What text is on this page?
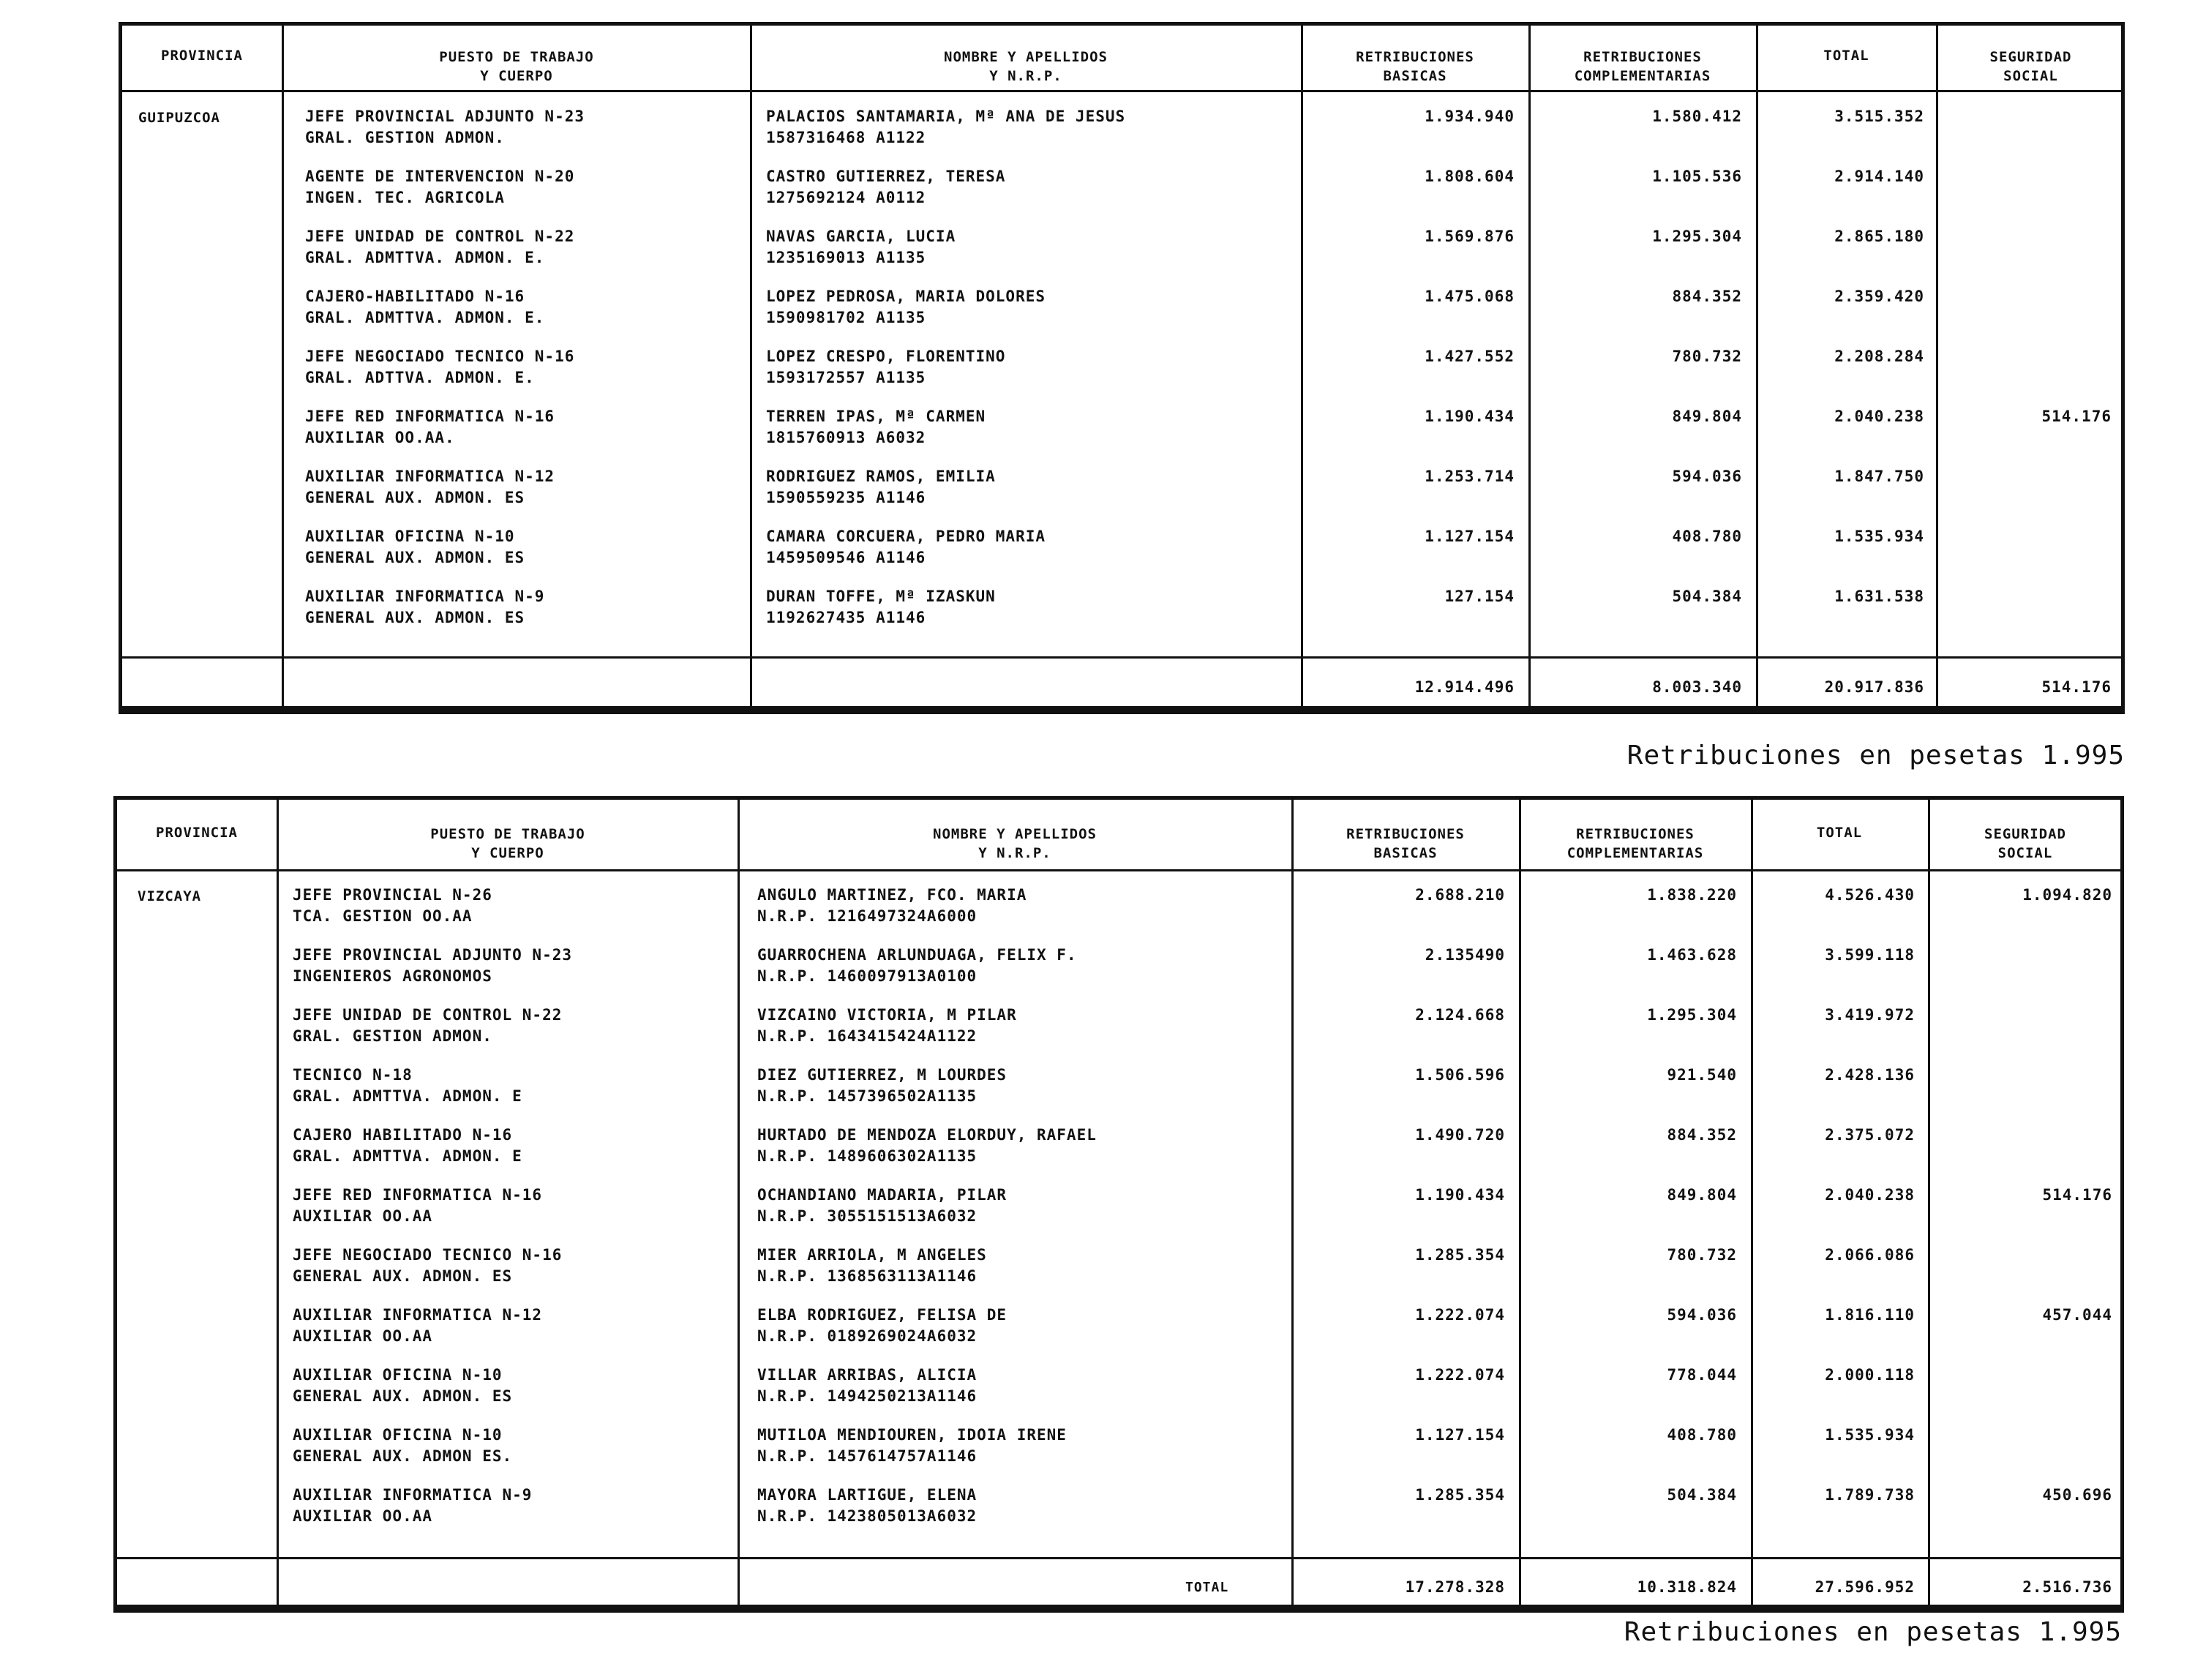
PROVINCIA	PUESTO DE TRABAJO
Y CUERPO
NOMBRE Y APELLIDOS
Y N.R.P.
RETRIBUCIONES
BASICAS
RETRIBUCIONES
COMPLEMENTARIAS
TOTAL	SEGURIDAD
SOCIAL
GUIPUZCOA	JEFE PROVINCIAL ADJUNTO N-23
GRAL. GESTION ADMON.
PALACIOS SANTAMARIA, Mª ANA DE JESUS
1587316468 A1122
1.934.940	1.580.412	3.515.352
AGENTE DE INTERVENCION N-20
INGEN. TEC. AGRICOLA
CASTRO GUTIERREZ, TERESA
1275692124 A0112
1.808.604	1.105.536	2.914.140
JEFE UNIDAD DE CONTROL N-22
GRAL. ADMTTVA. ADMON. E.
NAVAS GARCIA, LUCIA
1235169013 A1135
1.569.876	1.295.304	2.865.180
CAJERO-HABILITADO N-16
GRAL. ADMTTVA. ADMON. E.
LOPEZ PEDROSA, MARIA DOLORES
1590981702 A1135
1.475.068	884.352	2.359.420
JEFE NEGOCIADO TECNICO N-16
GRAL. ADTTVA. ADMON. E.
LOPEZ CRESPO, FLORENTINO
1593172557 A1135
1.427.552	780.732	2.208.284
JEFE RED INFORMATICA N-16
AUXILIAR OO.AA.
TERREN IPAS, Mª CARMEN
1815760913 A6032
1.190.434	849.804	2.040.238	514.176
AUXILIAR INFORMATICA N-12
GENERAL AUX. ADMON. ES
RODRIGUEZ RAMOS, EMILIA
1590559235 A1146
1.253.714	594.036	1.847.750
AUXILIAR OFICINA N-10
GENERAL AUX. ADMON. ES
CAMARA CORCUERA, PEDRO MARIA
1459509546 A1146
1.127.154	408.780	1.535.934
AUXILIAR INFORMATICA N-9
GENERAL AUX. ADMON. ES
DURAN TOFFE, Mª IZASKUN
1192627435 A1146
127.154	504.384	1.631.538
12.914.496	8.003.340	20.917.836	514.176
Retribuciones en pesetas 1.995
PROVINCIA	PUESTO DE TRABAJO
Y CUERPO
NOMBRE Y APELLIDOS
Y N.R.P.
RETRIBUCIONES
BASICAS
RETRIBUCIONES
COMPLEMENTARIAS
TOTAL	SEGURIDAD
SOCIAL
VIZCAYA	JEFE PROVINCIAL N-26
TCA. GESTION OO.AA
ANGULO MARTINEZ, FCO. MARIA
N.R.P. 1216497324A6000
2.688.210	1.838.220	4.526.430	1.094.820
JEFE PROVINCIAL ADJUNTO N-23
INGENIEROS AGRONOMOS
GUARROCHENA ARLUNDUAGA, FELIX F.
N.R.P. 1460097913A0100
2.135490	1.463.628	3.599.118
JEFE UNIDAD DE CONTROL N-22
GRAL. GESTION ADMON.
VIZCAINO VICTORIA, M PILAR
N.R.P. 1643415424A1122
2.124.668	1.295.304	3.419.972
TECNICO N-18
GRAL. ADMTTVA. ADMON. E
DIEZ GUTIERREZ, M LOURDES
N.R.P. 1457396502A1135
1.506.596	921.540	2.428.136
CAJERO HABILITADO N-16
GRAL. ADMTTVA. ADMON. E
HURTADO DE MENDOZA ELORDUY, RAFAEL
N.R.P. 1489606302A1135
1.490.720	884.352	2.375.072
JEFE RED INFORMATICA N-16
AUXILIAR OO.AA
OCHANDIANO MADARIA, PILAR
N.R.P. 3055151513A6032
1.190.434	849.804	2.040.238	514.176
JEFE NEGOCIADO TECNICO N-16
GENERAL AUX. ADMON. ES
MIER ARRIOLA, M ANGELES
N.R.P. 1368563113A1146
1.285.354	780.732	2.066.086
AUXILIAR INFORMATICA N-12
AUXILIAR OO.AA
ELBA RODRIGUEZ, FELISA DE
N.R.P. 0189269024A6032
1.222.074	594.036	1.816.110	457.044
AUXILIAR OFICINA N-10
GENERAL AUX. ADMON. ES
VILLAR ARRIBAS, ALICIA
N.R.P. 1494250213A1146
1.222.074	778.044	2.000.118
AUXILIAR OFICINA N-10
GENERAL AUX. ADMON ES.
MUTILOA MENDIOUREN, IDOIA IRENE
N.R.P. 1457614757A1146
1.127.154	408.780	1.535.934
AUXILIAR INFORMATICA N-9
AUXILIAR OO.AA
MAYORA LARTIGUE, ELENA
N.R.P. 1423805013A6032
1.285.354	504.384	1.789.738	450.696
TOTAL	17.278.328	10.318.824	27.596.952	2.516.736
Retribuciones en pesetas 1.995
